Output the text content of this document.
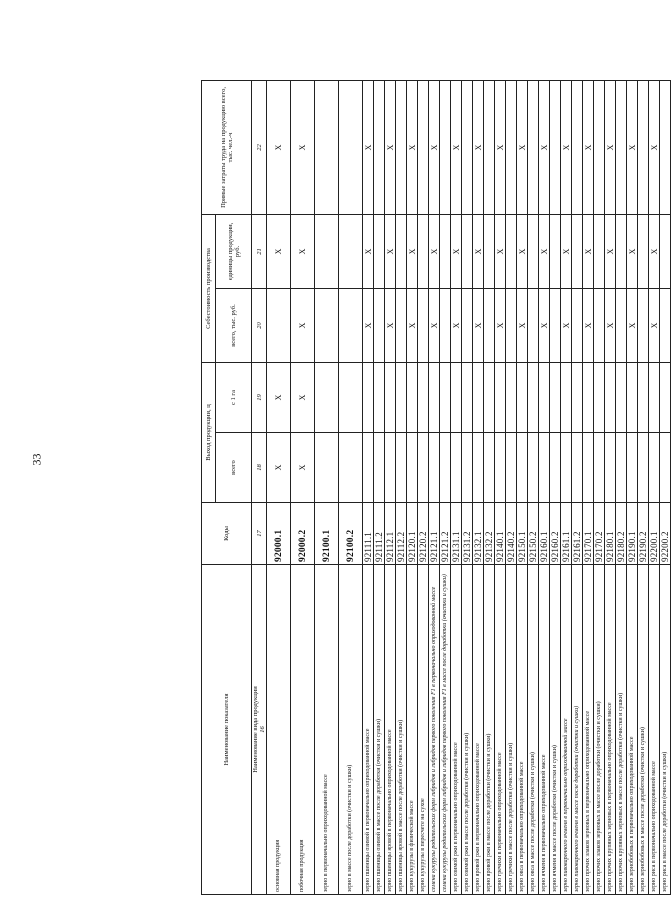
33
Наименование показателя	Коды	Выход продукции, ц		Себестоимость производства		Прямые затраты труда на продукцию всего, тыс. чел.-ч
		всего	с 1 га	всего, тыс. руб.	единицы продукции, руб.	

Наименование вида продукции 16	17	18	19	20	21	22
основная продукция	92000.1	X	X		X	X
побочная продукция	92000.2	X	X	X	X	X
зерно в первоначально оприходованной массе	92100.1					
зерно в массе после доработки (очистки и сушки)	92100.2					
зерно пшеницы озимой в первоначально оприходованной массе	92111.1			X	X	X
зерно пшеницы озимой в массе после доработки (очистки и сушки)	92111.2					
зерно пшеницы яровой в первоначально оприходованной массе	92112.1			X	X	X
зерно пшеницы яровой в массе после доработки (очистки и сушки)	92112.2					
зерно кукурузы в физической массе	92120.1			X	X	X
зерно кукурузы в пересчете на сухое	92120.2					
семена кукурузы родительских форм гибридов и гибридов первого поколения F1 в первоначально оприходованной массе	92121.1			X	X	X
семена кукурузы родительских форм гибридов и гибридов первого поколения F1 в массе после доработки (очистки и сушки)	92121.2					
зерно озимой ржи в первоначально оприходованной массе	92131.1			X	X	X
зерно озимой ржи в массе после доработки (очистки и сушки)	92131.2					
зерно яровой ржи в первоначально оприходованной массе	92132.1			X	X	X
зерно яровой ржи в массе после доработки (очистки и сушки)	92132.2					
зерно гречихи в первоначально оприходованной массе	92140.1			X	X	X
зерно гречихи в массе после доработки (очистки и сушки)	92140.2					
зерно овса в первоначально оприходованной массе	92150.1			X	X	X
зерно овса в массе после доработки (очистки и сушки)	92150.2					
зерно ячменя в первоначально оприходованной массе	92160.1			X	X	X
зерно ячменя в массе после доработки (очистки и сушки)	92160.2					
зерно пивоваренного ячменя в первоначально оприходованной массе	92161.1			X	X	X
зерно пивоваренного ячменя в массе после доработки (очистки и сушки)	92161.2					
зерно прочих злаков зерновых в первоначально оприходованной массе	92170.1			X	X	X
зерно прочих злаков зерновых в массе после доработки (очистки и сушки)	92170.2					
зерно прочих крупяных зерновых в первоначально оприходованной массе	92180.1			X	X	X
зерно прочих крупяных зерновых в массе после доработки (очистки и сушки)	92180.2					
зерно зернобобовых в первоначально оприходованной массе	92190.1			X	X	X
зерно зернобобовых в массе после доработки (очистки и сушки)	92190.2					
зерно риса в первоначально оприходованной массе	92200.1			X	X	X
зерно риса в массе после доработки (очистки и сушки)	92200.2					
